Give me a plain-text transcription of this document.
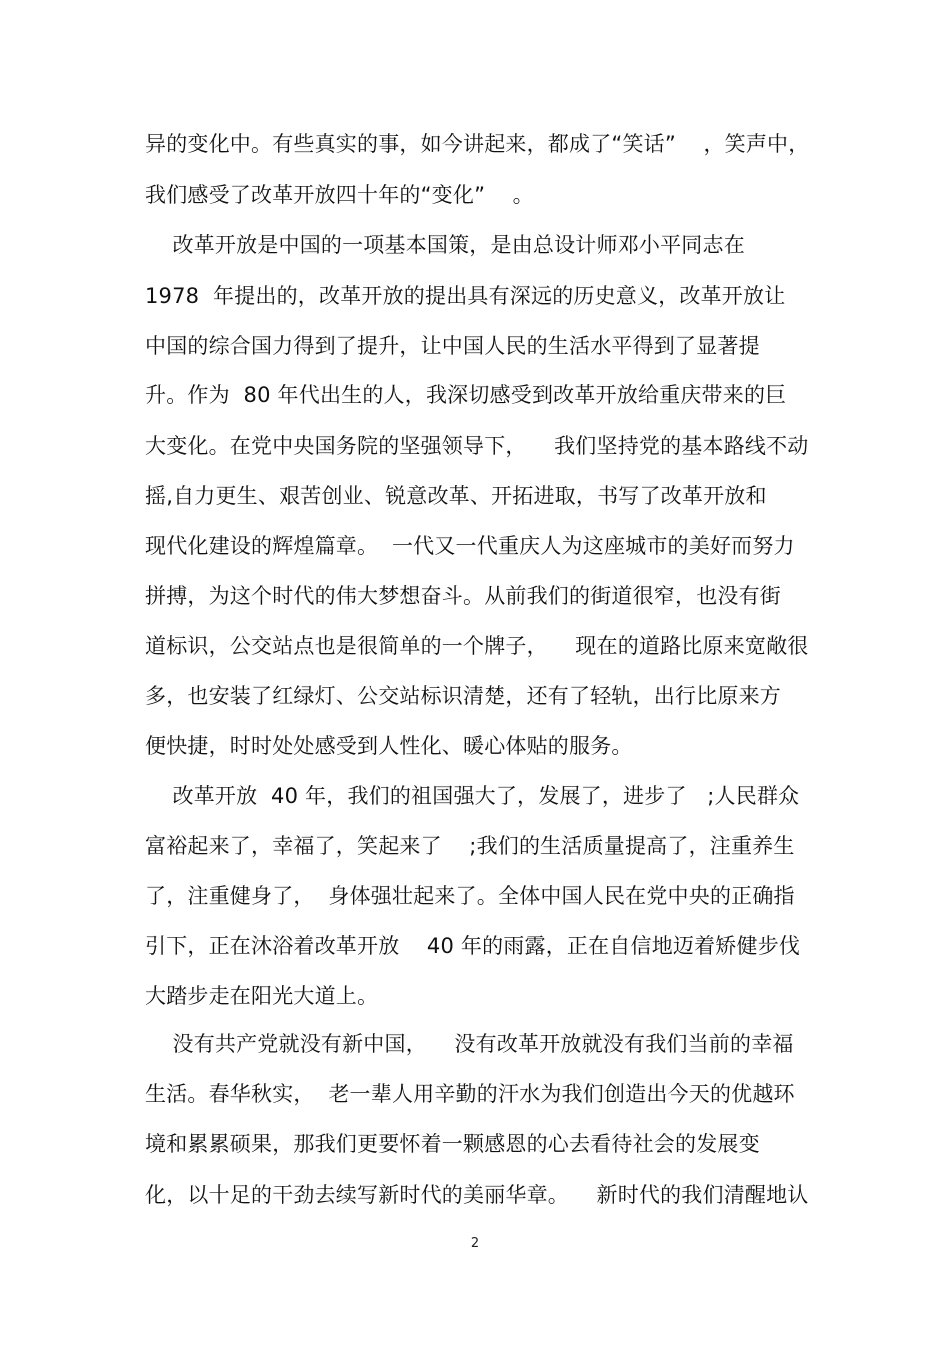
异的变化中。有些真实的事，如今讲起来，都成了“笑话”    ，笑声中，
我们感受了改革开放四十年的“变化”    。
改革开放是中国的一项基本国策，是由总设计师邓小平同志在
1978  年提出的，改革开放的提出具有深远的历史意义，改革开放让
中国的综合国力得到了提升，让中国人民的生活水平得到了显著提
升。作为  80 年代出生的人，我深切感受到改革开放给重庆带来的巨
大变化。在党中央国务院的坚强领导下，    我们坚持党的基本路线不动
摇,自力更生、艰苦创业、锐意改革、开拓进取，书写了改革开放和
现代化建设的辉煌篇章。  一代又一代重庆人为这座城市的美好而努力
拼搏，为这个时代的伟大梦想奋斗。从前我们的街道很窄，也没有街
道标识，公交站点也是很简单的一个牌子，    现在的道路比原来宽敞很
多，也安装了红绿灯、公交站标识清楚，还有了轻轨，出行比原来方
便快捷，时时处处感受到人性化、暖心体贴的服务。
改革开放  40 年，我们的祖国强大了，发展了，进步了   ;人民群众
富裕起来了，幸福了，笑起来了    ;我们的生活质量提高了，注重养生
了，注重健身了，  身体强壮起来了。全体中国人民在党中央的正确指
引下，正在沐浴着改革开放    40 年的雨露，正在自信地迈着矫健步伐
大踏步走在阳光大道上。
没有共产党就没有新中国，    没有改革开放就没有我们当前的幸福
生活。春华秋实，  老一辈人用辛勤的汗水为我们创造出今天的优越环
境和累累硕果，那我们更要怀着一颗感恩的心去看待社会的发展变
化，以十足的干劲去续写新时代的美丽华章。    新时代的我们清醒地认
2
